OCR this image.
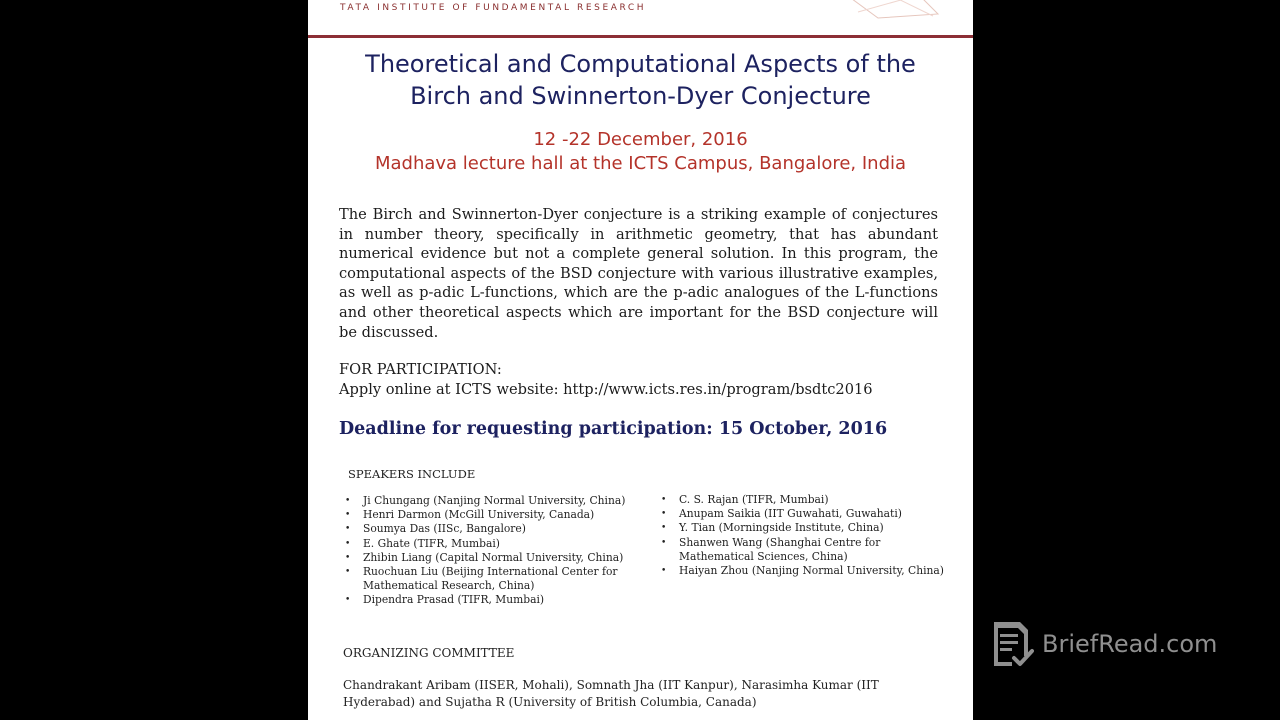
TATA INSTITUTE OF FUNDAMENTAL RESEARCH
Theoretical and Computational Aspects of the
Birch and Swinnerton-Dyer Conjecture
12 -22 December, 2016
Madhava lecture hall at the ICTS Campus, Bangalore, India
The Birch and Swinnerton-Dyer conjecture is a striking example of conjectures in number theory, specifically in arithmetic geometry, that has abundant numerical evidence but not a complete general solution. In this program, the computational aspects of the BSD conjecture with various illustrative examples, as well as p-adic L-functions, which are the p-adic analogues of the L-functions and other theoretical aspects which are important for the BSD conjecture will be discussed.
FOR PARTICIPATION:
Apply online at ICTS website: http://www.icts.res.in/program/bsdtc2016
Deadline for requesting participation: 15 October, 2016
SPEAKERS INCLUDE
• Ji Chungang (Nanjing Normal University, China)
• Henri Darmon (McGill University, Canada)
• Soumya Das (IISc, Bangalore)
• E. Ghate (TIFR, Mumbai)
• Zhibin Liang (Capital Normal University, China)
• Ruochuan Liu (Beijing International Center for Mathematical Research, China)
• Dipendra Prasad (TIFR, Mumbai)
• C. S. Rajan (TIFR, Mumbai)
• Anupam Saikia (IIT Guwahati, Guwahati)
• Y. Tian (Morningside Institute, China)
• Shanwen Wang (Shanghai Centre for Mathematical Sciences, China)
• Haiyan Zhou (Nanjing Normal University, China)
ORGANIZING COMMITTEE
Chandrakant Aribam (IISER, Mohali), Somnath Jha (IIT Kanpur), Narasimha Kumar (IIT Hyderabad) and Sujatha R (University of British Columbia, Canada)
BriefRead.com
